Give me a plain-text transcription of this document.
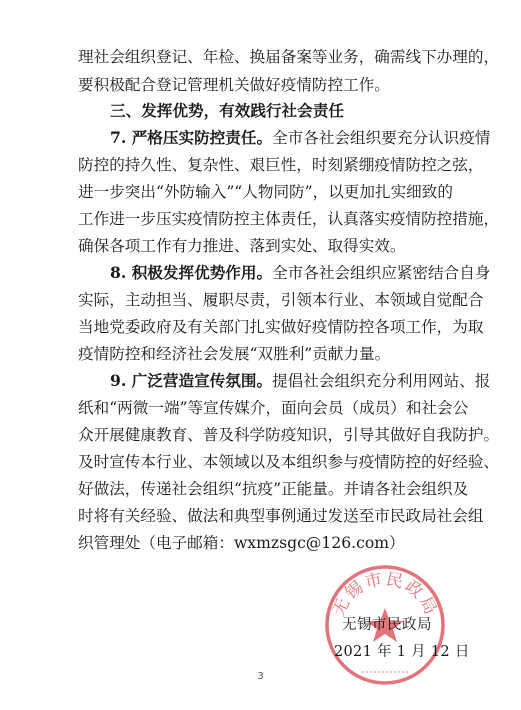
理社会组织登记、年检、换届备案等业务，确需线下办理的，
要积极配合登记管理机关做好疫情防控工作。
三、发挥优势，有效践行社会责任
7. 严格压实防控责任。全市各社会组织要充分认识疫情
防控的持久性、复杂性、艰巨性，时刻紧绷疫情防控之弦，
进一步突出“外防输入”“人物同防”，以更加扎实细致的
工作进一步压实疫情防控主体责任，认真落实疫情防控措施，
确保各项工作有力推进、落到实处、取得实效。
8. 积极发挥优势作用。全市各社会组织应紧密结合自身
实际，主动担当、履职尽责，引领本行业、本领域自觉配合
当地党委政府及有关部门扎实做好疫情防控各项工作，为取
疫情防控和经济社会发展“双胜利”贡献力量。
9. 广泛营造宣传氛围。提倡社会组织充分利用网站、报
纸和“两微一端”等宣传媒介，面向会员（成员）和社会公
众开展健康教育、普及科学防疫知识，引导其做好自我防护。
及时宣传本行业、本领域以及本组织参与疫情防控的好经验、
好做法，传递社会组织“抗疫”正能量。并请各社会组织及
时将有关经验、做法和典型事例通过发送至市民政局社会组
织管理处（电子邮箱：wxmzsgc@126.com）
无锡市民政局
无锡市民政局
2021 年 1 月 12 日
3
